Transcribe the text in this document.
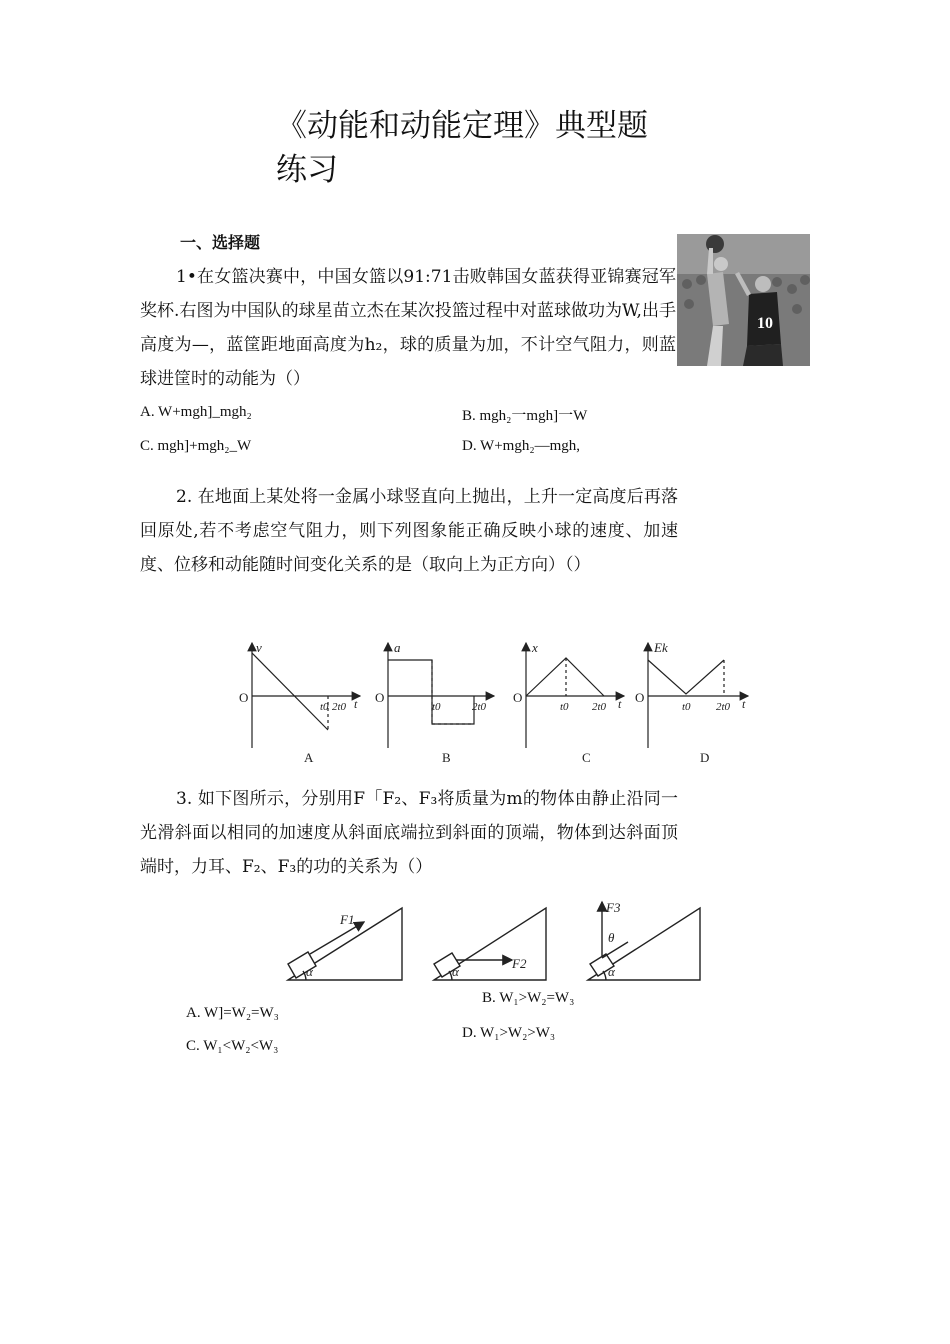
《动能和动能定理》典型题
练习
一、选择题
1•在女篮决赛中，中国女篮以91:71击败韩国女蓝获得亚锦赛冠军奖杯.右图为中国队的球星苗立杰在某次投篮过程中对蓝球做功为W,出手高度为—，蓝筐距地面高度为h₂，球的质量为加，不计空气阻力，则蓝球进筐时的动能为（）
10
A. W+mgh]_mgh₂	B. mgh₂一mgh]一W
C. mgh]+mgh₂_W	D. W+mgh₂—mgh,
2. 在地面上某处将一金属小球竖直向上抛出，上升一定高度后再落回原处,若不考虑空气阻力，则下列图象能正确反映小球的速度、加速度、位移和动能随时间变化关系的是（取向上为正方向）（）
v
O
t0 2t0 t
a
O
t0	2t0
x
O
t0 2t0 t
Ek
O
t0 2t0 t
A	B	C	D
3. 如下图所示，分别用F「F₂、F₃将质量为m的物体由静止沿同一光滑斜面以相同的加速度从斜面底端拉到斜面的顶端，物体到达斜面顶端时，力耳、F₂、F₃的功的关系为（）
F1
α
F2
α
F3
θ
α
B. W₁>W₂=W₃
A. W]=W₂=W₃
D. W₁>W₂>W₃
C. W₁<W₂<W₃
